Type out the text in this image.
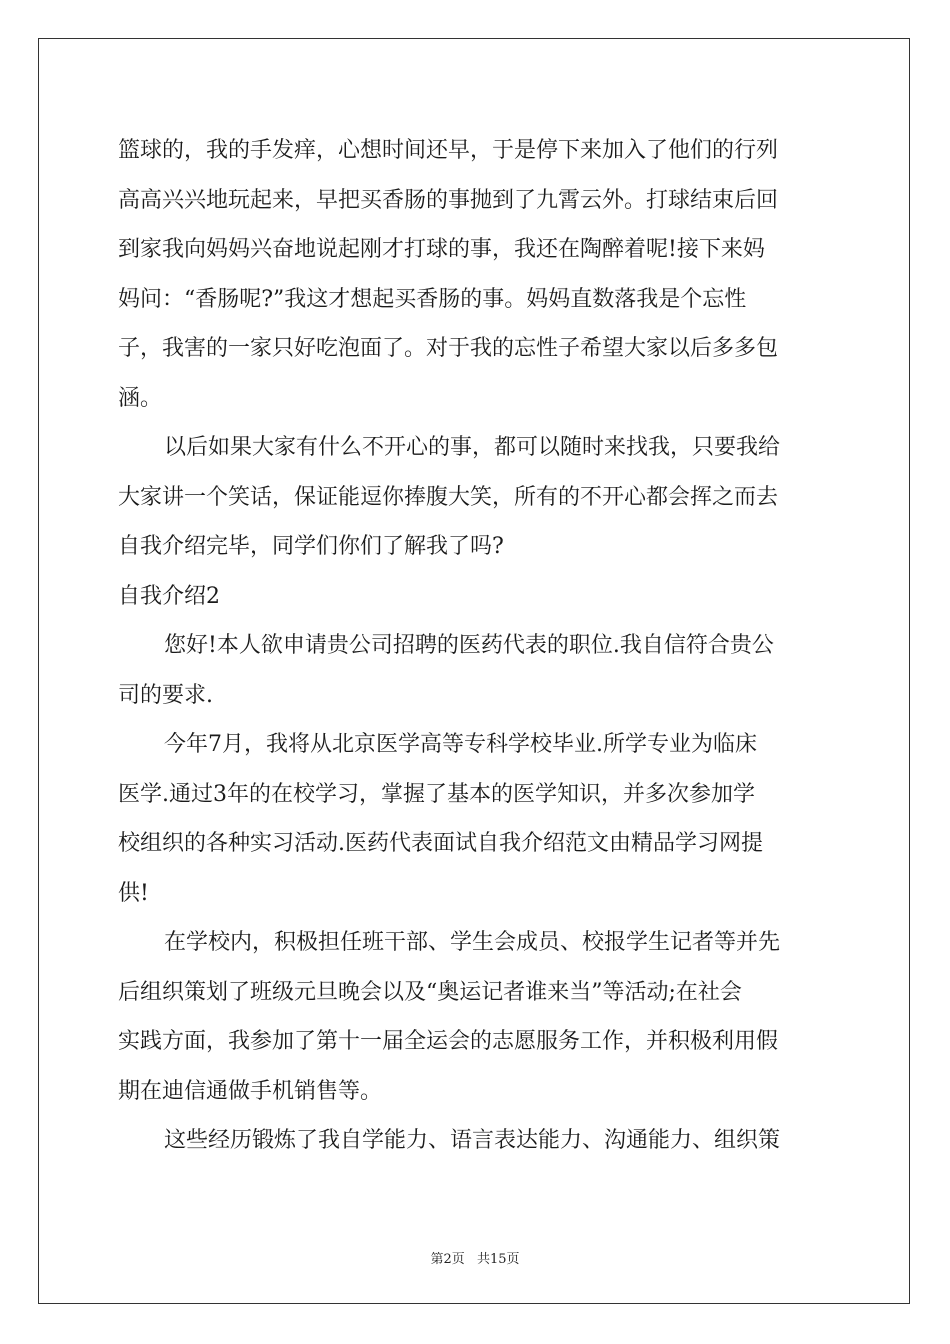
篮球的，我的手发痒，心想时间还早，于是停下来加入了他们的行列
高高兴兴地玩起来，早把买香肠的事抛到了九霄云外。打球结束后回
到家我向妈妈兴奋地说起刚才打球的事，我还在陶醉着呢!接下来妈
妈问：“香肠呢?”我这才想起买香肠的事。妈妈直数落我是个忘性
子，我害的一家只好吃泡面了。对于我的忘性子希望大家以后多多包
涵。
以后如果大家有什么不开心的事，都可以随时来找我，只要我给
大家讲一个笑话，保证能逗你捧腹大笑，所有的不开心都会挥之而去
自我介绍完毕，同学们你们了解我了吗?
自我介绍2
您好!本人欲申请贵公司招聘的医药代表的职位.我自信符合贵公
司的要求.
今年7月，我将从北京医学高等专科学校毕业.所学专业为临床
医学.通过3年的在校学习，掌握了基本的医学知识，并多次参加学
校组织的各种实习活动.医药代表面试自我介绍范文由精品学习网提
供!
在学校内，积极担任班干部、学生会成员、校报学生记者等并先
后组织策划了班级元旦晚会以及“奥运记者谁来当”等活动;在社会
实践方面，我参加了第十一届全运会的志愿服务工作，并积极利用假
期在迪信通做手机销售等。
这些经历锻炼了我自学能力、语言表达能力、沟通能力、组织策
第2页 共15页
